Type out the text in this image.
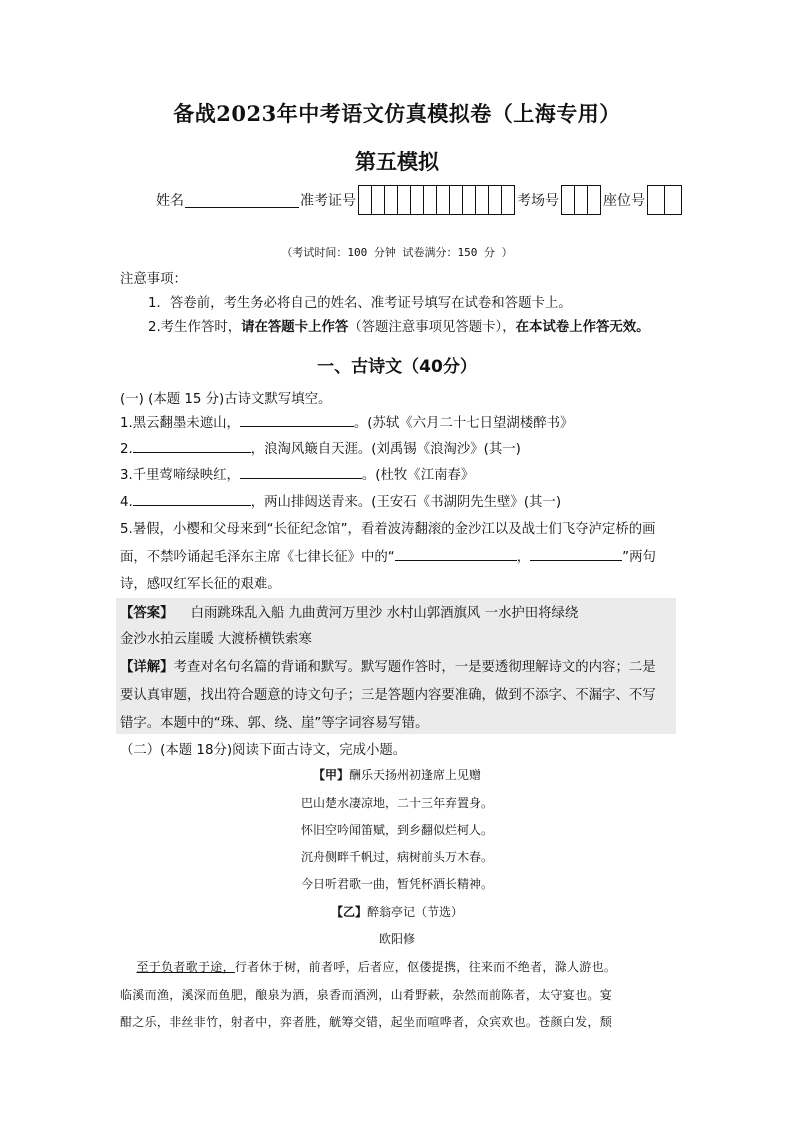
备战2023年中考语文仿真模拟卷（上海专用）
第五模拟
姓名	准考证号	考场号	座位号
（考试时间：100 分钟 试卷满分：150 分 ）
注意事项：
1．答卷前，考生务必将自己的姓名、准考证号填写在试卷和答题卡上。
2.考生作答时，请在答题卡上作答（答题注意事项见答题卡），在本试卷上作答无效。
一、古诗文（40分）
(一) (本题 15 分)古诗文默写填空。
1.黑云翻墨未遮山，	。(苏轼《六月二十七日望湖楼醉书》
2.	，浪淘风簸自天涯。(刘禹锡《浪淘沙》(其一)
3.千里莺啼绿映红，	。(杜牧《江南春》
4.	，两山排闼送青来。(王安石《书湖阴先生壁》(其一)
5.暑假，小樱和父母来到“长征纪念馆”，看着波涛翻滚的金沙江以及战士们飞夺泸定桥的画
面，不禁吟诵起毛泽东主席《七律长征》中的“	，	”两句
诗，感叹红军长征的艰难。
【答案】 白雨跳珠乱入船 九曲黄河万里沙 水村山郭酒旗风 一水护田将绿绕
金沙水拍云崖暖 大渡桥横铁索寒
【详解】考查对名句名篇的背诵和默写。默写题作答时，一是要透彻理解诗文的内容；二是
要认真审题，找出符合题意的诗文句子；三是答题内容要准确，做到不添字、不漏字、不写
错字。本题中的“珠、郭、绕、崖”等字词容易写错。
（二）(本题 18分)阅读下面古诗文，完成小题。
【甲】酬乐天扬州初逢席上见赠
巴山楚水凄凉地，二十三年弃置身。
怀旧空吟闻笛赋，到乡翻似烂柯人。
沉舟侧畔千帆过，病树前头万木春。
今日听君歌一曲，暂凭杯酒长精神。
【乙】醉翁亭记（节选）
欧阳修
至于负者歌于途，行者休于树，前者呼，后者应，伛偻提携，往来而不绝者，滁人游也。
临溪而渔，溪深而鱼肥，酿泉为酒，泉香而酒洌，山肴野蔌，杂然而前陈者，太守宴也。宴
酣之乐，非丝非竹，射者中，弈者胜，觥筹交错，起坐而喧哗者，众宾欢也。苍颜白发，颓
